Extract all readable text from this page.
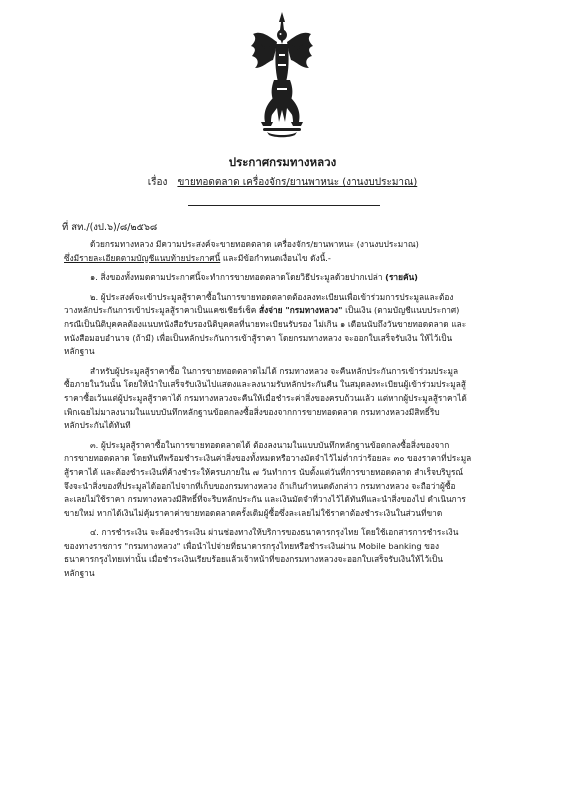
ประกาศกรมทางหลวง
เรื่อง ขายทอดตลาด เครื่องจักร/ยานพาหนะ (งานงบประมาณ)
ที่ สท./(งป.๖)/๘/๒๕๖๘

ด้วยกรมทางหลวง มีความประสงค์จะขายทอดตลาด เครื่องจักร/ยานพาหนะ (งานงบประมาณ)
ซึ่งมีรายละเอียดตามบัญชีแนบท้ายประกาศนี้ และมีข้อกำหนดเงื่อนไข ดังนี้.-

๑. สิ่งของทั้งหมดตามประกาศนี้จะทำการขายทอดตลาดโดยวิธีประมูลด้วยปากเปล่า (รายคัน)

๒. ผู้ประสงค์จะเข้าประมูลสู้ราคาซื้อในการขายทอดตลาดต้องลงทะเบียนเพื่อเข้าร่วมการประมูลและต้อง
วางหลักประกันการเข้าประมูลสู้ราคาเป็นแคชเชียร์เช็ค สั่งจ่าย "กรมทางหลวง" เป็นเงิน (ตามบัญชีแนบประกาศ)
กรณีเป็นนิติบุคคลต้องแนบหนังสือรับรองนิติบุคคลที่นายทะเบียนรับรอง ไม่เกิน ๑ เดือนนับถึงวันขายทอดตลาด และ
หนังสือมอบอำนาจ (ถ้ามี) เพื่อเป็นหลักประกันการเข้าสู้ราคา โดยกรมทางหลวง จะออกใบเสร็จรับเงิน ให้ไว้เป็น
หลักฐาน

สำหรับผู้ประมูลสู้ราคาซื้อ ในการขายทอดตลาดไม่ได้ กรมทางหลวง จะคืนหลักประกันการเข้าร่วมประมูล
ซื้อภายในวันนั้น โดยให้นำใบเสร็จรับเงินไปแสดงและลงนามรับหลักประกันคืน ในสมุดลงทะเบียนผู้เข้าร่วมประมูลสู้
ราคาซื้อเว้นแต่ผู้ประมูลสู้ราคาได้ กรมทางหลวงจะคืนให้เมื่อชำระค่าสิ่งของครบถ้วนแล้ว แต่หากผู้ประมูลสู้ราคาได้
เพิกเฉยไม่มาลงนามในแบบบันทึกหลักฐานข้อตกลงซื้อสิ่งของจากการขายทอดตลาด กรมทางหลวงมีสิทธิ์ริบ
หลักประกันได้ทันที

๓. ผู้ประมูลสู้ราคาซื้อในการขายทอดตลาดได้ ต้องลงนามในแบบบันทึกหลักฐานข้อตกลงซื้อสิ่งของจาก
การขายทอดตลาด โดยทันทีพร้อมชำระเงินค่าสิ่งของทั้งหมดหรือวางมัดจำไว้ไม่ต่ำกว่าร้อยละ ๓๐ ของราคาที่ประมูล
สู้ราคาได้ และต้องชำระเงินที่ค้างชำระให้ครบภายใน ๗ วันทำการ นับตั้งแต่วันที่การขายทอดตลาด สำเร็จบริบูรณ์
จึงจะนำสิ่งของที่ประมูลได้ออกไปจากที่เก็บของกรมทางหลวง ถ้าเกินกำหนดดังกล่าว กรมทางหลวง จะถือว่าผู้ซื้อ
ละเลยไม่ใช้ราคา กรมทางหลวงมีสิทธิ์ที่จะริบหลักประกัน และเงินมัดจำที่วางไว้ได้ทันทีและนำสิ่งของไป ดำเนินการ
ขายใหม่ หากได้เงินไม่คุ้มราคาค่าขายทอดตลาดครั้งเดิมผู้ซื้อซึ่งละเลยไม่ใช้ราคาต้องชำระเงินในส่วนที่ขาด

๔. การชำระเงิน จะต้องชำระเงิน ผ่านช่องทางให้บริการของธนาคารกรุงไทย โดยใช้เอกสารการชำระเงิน
ของทางราชการ "กรมทางหลวง" เพื่อนำไปจ่ายที่ธนาคารกรุงไทยหรือชำระเงินผ่าน Mobile banking ของ
ธนาคารกรุงไทยเท่านั้น เมื่อชำระเงินเรียบร้อยแล้วเจ้าหน้าที่ของกรมทางหลวงจะออกใบเสร็จรับเงินให้ไว้เป็น
หลักฐาน
